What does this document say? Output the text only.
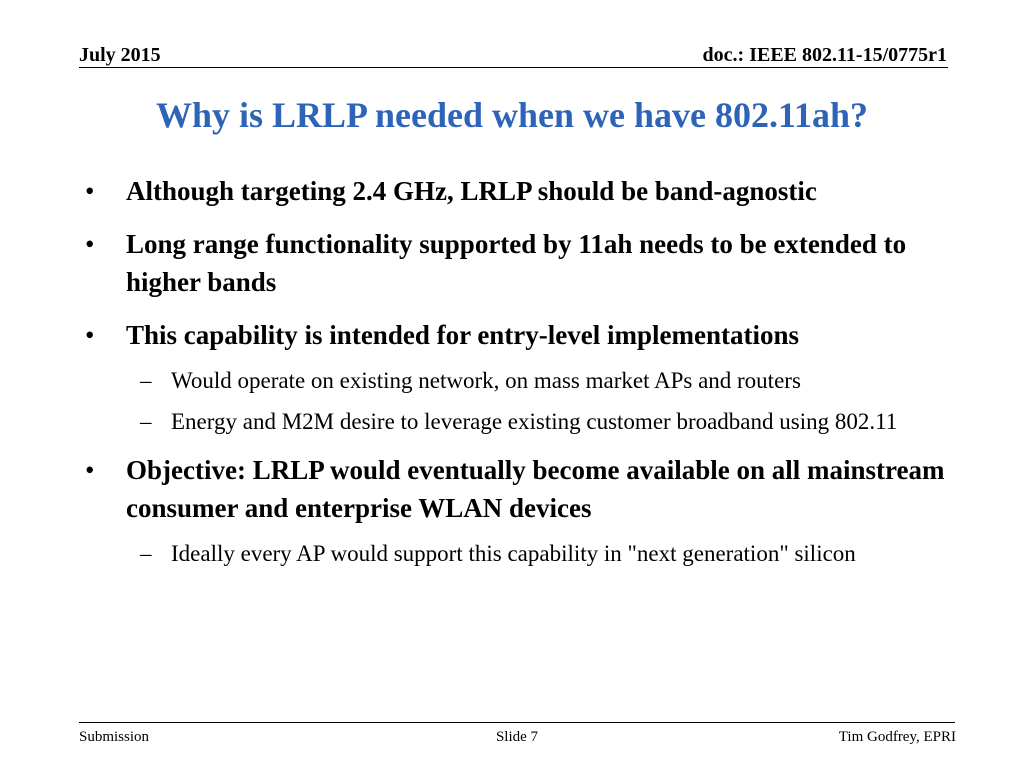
July 2015	doc.: IEEE 802.11-15/0775r1
Why is LRLP needed when we have 802.11ah?
• Although targeting 2.4 GHz, LRLP should be band-agnostic
• Long range functionality supported by 11ah needs to be extended to higher bands
• This capability is intended for entry-level implementations
– Would operate on existing network, on mass market APs and routers
– Energy and M2M desire to leverage existing customer broadband using 802.11
• Objective: LRLP would eventually become available on all mainstream consumer and enterprise WLAN devices
– Ideally every AP would support this capability in "next generation" silicon
Submission	Slide 7	Tim Godfrey, EPRI
